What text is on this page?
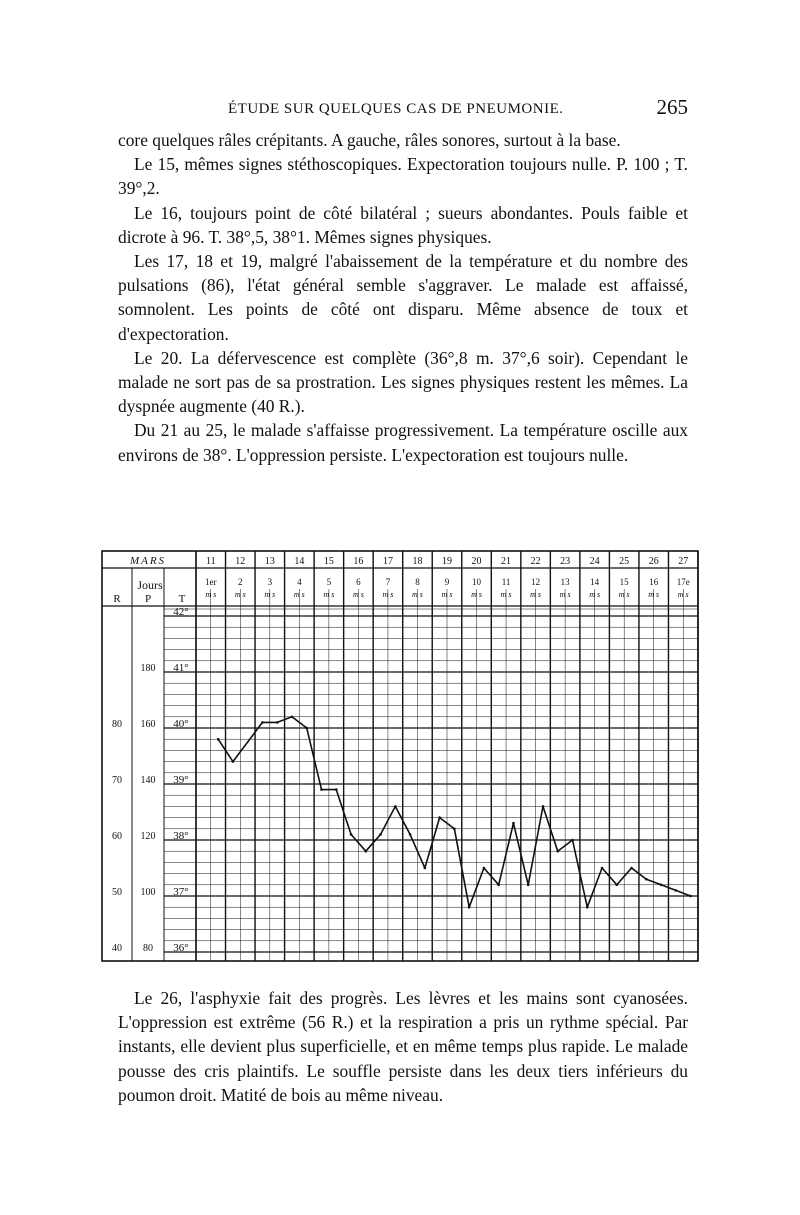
ÉTUDE SUR QUELQUES CAS DE PNEUMONIE.	265

core quelques râles crépitants. A gauche, râles sonores, surtout à la base.

Le 15, mêmes signes stéthoscopiques. Expectoration toujours nulle. P. 100 ; T. 39°,2.

Le 16, toujours point de côté bilatéral ; sueurs abondantes. Pouls faible et dicrote à 96. T. 38°,5, 38°1. Mêmes signes physiques.

Les 17, 18 et 19, malgré l'abaissement de la température et du nombre des pulsations (86), l'état général semble s'aggraver. Le malade est affaissé, somnolent. Les points de côté ont disparu. Même absence de toux et d'expectoration.

Le 20. La défervescence est complète (36°,8 m. 37°,6 soir). Cependant le malade ne sort pas de sa prostration. Les signes physiques restent les mêmes. La dyspnée augmente (40 R.).

Du 21 au 25, le malade s'affaisse progressivement. La température oscille aux environs de 38°. L'oppression persiste. L'expectoration est toujours nulle.

MARS
Jours
R P	T
11
1er
m s
12
2
m s
13
3
m s
14
4
m s
15
5
m s
16
6
m s
17
7
m s
18
8
m s
19
9
m s
20
10
m s
21
11
m s
22
12
m s
23
13
m s
24
14
m s
25
15
m s
26
16
m s
27
17e
m s
42°
41°
40°
39°
38°
37°
36°
180
160
140
120
100
80
80
70
60
50
40

Le 26, l'asphyxie fait des progrès. Les lèvres et les mains sont cyanosées. L'oppression est extrême (56 R.) et la respiration a pris un rythme spécial. Par instants, elle devient plus superficielle, et en même temps plus rapide. Le malade pousse des cris plaintifs. Le souffle persiste dans les deux tiers inférieurs du poumon droit. Matité de bois au même niveau.
